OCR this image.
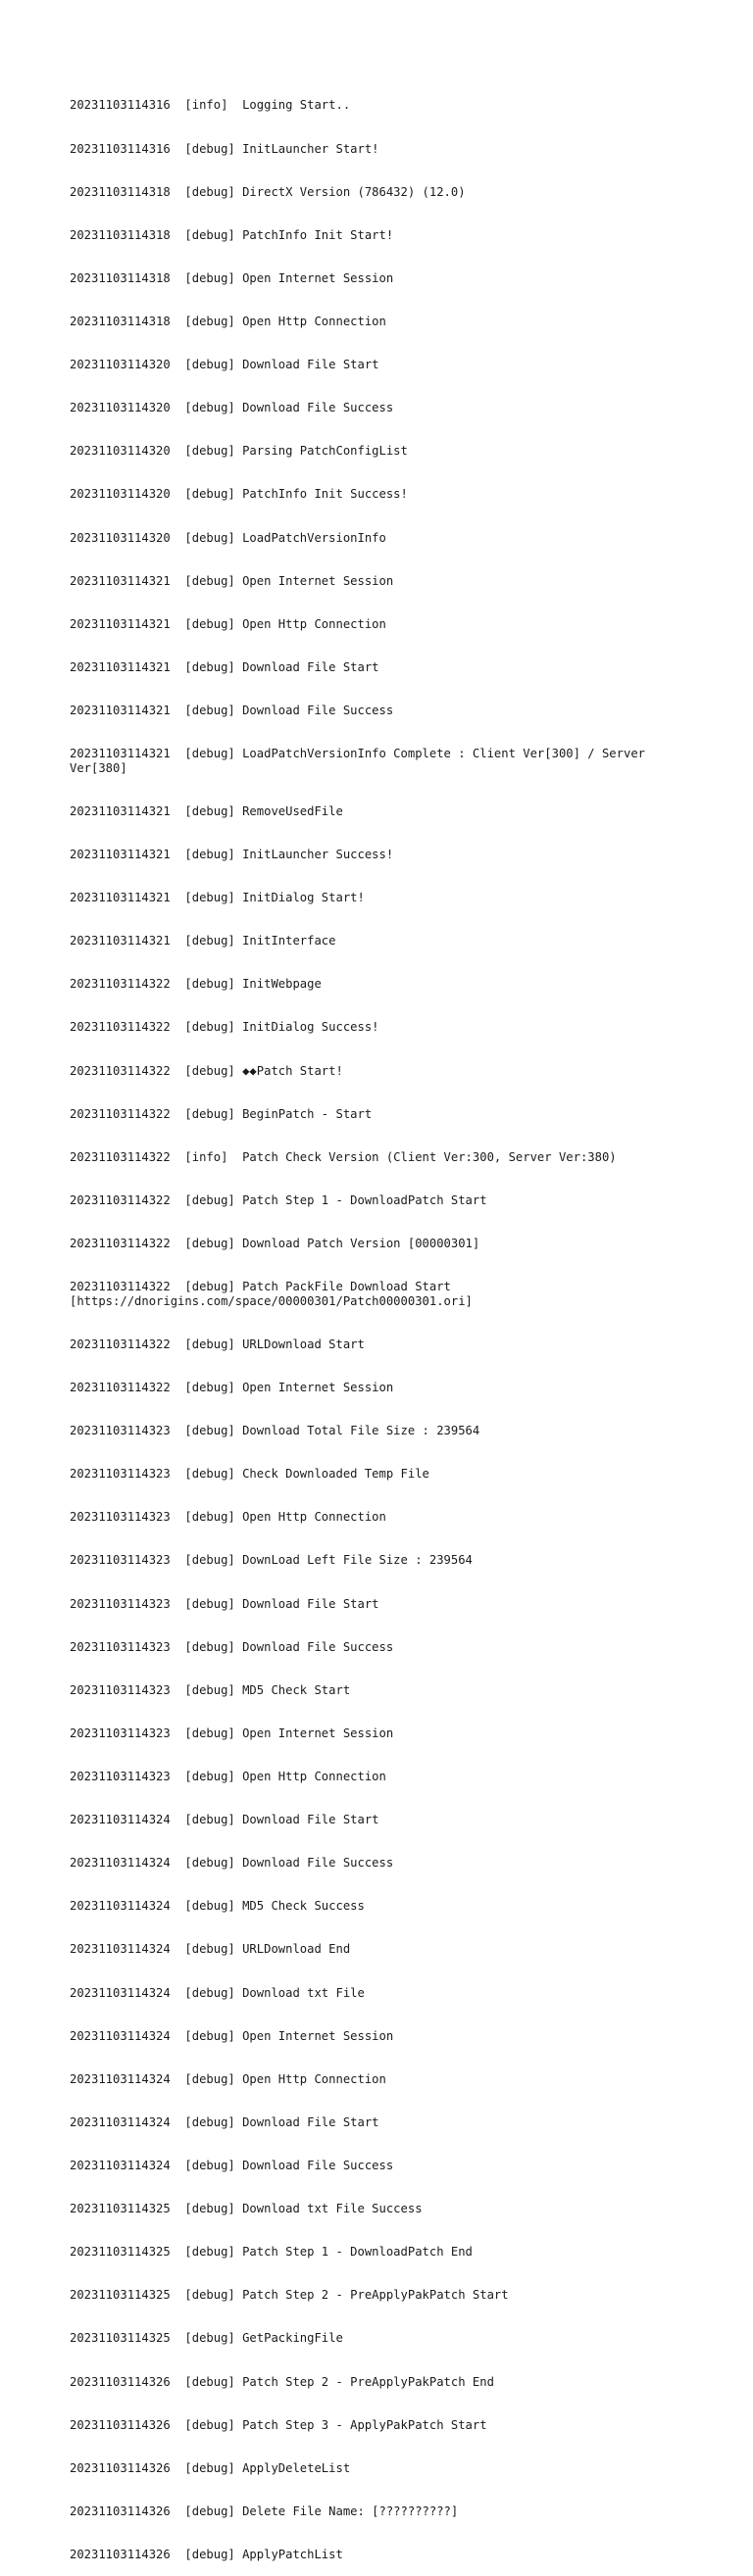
20231103114316  [info]  Logging Start..

20231103114316  [debug] InitLauncher Start!

20231103114318  [debug] DirectX Version (786432) (12.0)

20231103114318  [debug] PatchInfo Init Start!

20231103114318  [debug] Open Internet Session

20231103114318  [debug] Open Http Connection

20231103114320  [debug] Download File Start

20231103114320  [debug] Download File Success

20231103114320  [debug] Parsing PatchConfigList

20231103114320  [debug] PatchInfo Init Success!

20231103114320  [debug] LoadPatchVersionInfo

20231103114321  [debug] Open Internet Session

20231103114321  [debug] Open Http Connection

20231103114321  [debug] Download File Start

20231103114321  [debug] Download File Success

20231103114321  [debug] LoadPatchVersionInfo Complete : Client Ver[300] / Server Ver[380]

20231103114321  [debug] RemoveUsedFile

20231103114321  [debug] InitLauncher Success!

20231103114321  [debug] InitDialog Start!

20231103114321  [debug] InitInterface

20231103114322  [debug] InitWebpage

20231103114322  [debug] InitDialog Success!

20231103114322  [debug] ◆◆Patch Start!

20231103114322  [debug] BeginPatch - Start

20231103114322  [info]  Patch Check Version (Client Ver:300, Server Ver:380)

20231103114322  [debug] Patch Step 1 - DownloadPatch Start

20231103114322  [debug] Download Patch Version [00000301]

20231103114322  [debug] Patch PackFile Download Start [https://dnorigins.com/space/00000301/Patch00000301.ori]

20231103114322  [debug] URLDownload Start

20231103114322  [debug] Open Internet Session

20231103114323  [debug] Download Total File Size : 239564

20231103114323  [debug] Check Downloaded Temp File

20231103114323  [debug] Open Http Connection

20231103114323  [debug] DownLoad Left File Size : 239564

20231103114323  [debug] Download File Start

20231103114323  [debug] Download File Success

20231103114323  [debug] MD5 Check Start

20231103114323  [debug] Open Internet Session

20231103114323  [debug] Open Http Connection

20231103114324  [debug] Download File Start

20231103114324  [debug] Download File Success

20231103114324  [debug] MD5 Check Success

20231103114324  [debug] URLDownload End

20231103114324  [debug] Download txt File

20231103114324  [debug] Open Internet Session

20231103114324  [debug] Open Http Connection

20231103114324  [debug] Download File Start

20231103114324  [debug] Download File Success

20231103114325  [debug] Download txt File Success

20231103114325  [debug] Patch Step 1 - DownloadPatch End

20231103114325  [debug] Patch Step 2 - PreApplyPakPatch Start

20231103114325  [debug] GetPackingFile

20231103114326  [debug] Patch Step 2 - PreApplyPakPatch End

20231103114326  [debug] Patch Step 3 - ApplyPakPatch Start

20231103114326  [debug] ApplyDeleteList

20231103114326  [debug] Delete File Name: [??????????]

20231103114326  [debug] ApplyPatchList
